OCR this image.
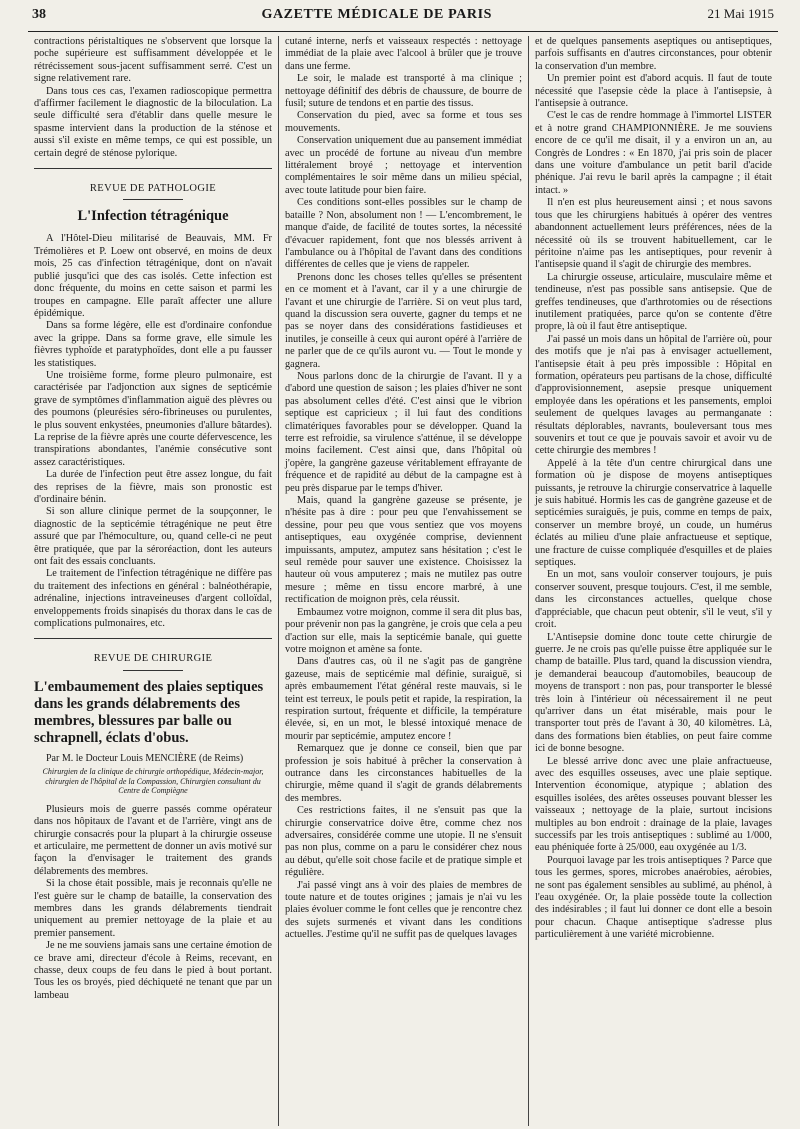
38	GAZETTE MÉDICALE DE PARIS	21 Mai 1915

contractions péristaltiques ne s'observent que lorsque la poche supérieure est suffisamment développée et le rétrécissement sous-jacent suffisamment serré. C'est un signe relativement rare.

Dans tous ces cas, l'examen radioscopique permettra d'affirmer facilement le diagnostic de la biloculation. La seule difficulté sera d'établir dans quelle mesure le spasme intervient dans la production de la sténose et aussi s'il existe en même temps, ce qui est possible, un certain degré de sténose pylorique.

REVUE DE PATHOLOGIE
L'Infection tétragénique

A l'Hôtel-Dieu militarisé de Beauvais, MM. Fr Trémolières et P. Loew ont observé, en moins de deux mois, 25 cas d'infection tétragénique, dont on n'avait publié jusqu'ici que des cas isolés. Cette infection est donc fréquente, du moins en cette saison et parmi les troupes en campagne. Elle paraît affecter une allure épidémique.

Dans sa forme légère, elle est d'ordinaire confondue avec la grippe. Dans sa forme grave, elle simule les fièvres typhoïde et paratyphoïdes, dont elle a pu fausser les statistiques.

Une troisième forme, forme pleuro pulmonaire, est caractérisée par l'adjonction aux signes de septicémie grave de symptômes d'inflammation aiguë des plèvres ou des poumons (pleurésies séro-fibrineuses ou purulentes, le plus souvent enkystées, pneumonies d'allure bâtardes). La reprise de la fièvre après une courte défervescence, les transpirations abondantes, l'anémie consécutive sont assez caractéristiques.

La durée de l'infection peut être assez longue, du fait des reprises de la fièvre, mais son pronostic est d'ordinaire bénin.

Si son allure clinique permet de la soupçonner, le diagnostic de la septicémie tétragénique ne peut être assuré que par l'hémoculture, ou, quand celle-ci ne peut être pratiquée, que par la séroréaction, dont les auteurs ont fait des essais concluants.

Le traitement de l'infection tétragénique ne diffère pas du traitement des infections en général : balnéothérapie, adrénaline, injections intraveineuses d'argent colloïdal, enveloppements froids sinapisés du thorax dans le cas de complications pulmonaires, etc.

REVUE DE CHIRURGIE
L'embaumement des plaies septiques dans les grands délabrements des membres, blessures par balle ou schrapnell, éclats d'obus.
Par M. le Docteur Louis MENCIÈRE (de Reims)
Chirurgien de la clinique de chirurgie orthopédique, Médecin-major, chirurgien de l'hôpital de la Compassion, Chirurgien consultant du Centre de Compiègne

Plusieurs mois de guerre passés comme opérateur dans nos hôpitaux de l'avant et de l'arrière, vingt ans de chirurgie consacrés pour la plupart à la chirurgie osseuse et articulaire, me permettent de donner un avis motivé sur façon la d'envisager le traitement des grands délabrements des membres.

Si la chose était possible, mais je reconnais qu'elle ne l'est guère sur le champ de bataille, la conservation des membres dans les grands délabrements tiendrait uniquement au premier nettoyage de la plaie et au premier pansement.

Je ne me souviens jamais sans une certaine émotion de ce brave ami, directeur d'école à Reims, recevant, en chasse, deux coups de feu dans le pied à bout portant. Tous les os broyés, pied déchiqueté ne tenant que par un lambeau

cutané interne, nerfs et vaisseaux respectés : nettoyage immédiat de la plaie avec l'alcool à brûler que je trouve dans une ferme.

Le soir, le malade est transporté à ma clinique ; nettoyage définitif des débris de chaussure, de bourre de fusil; suture de tendons et en partie des tissus.

Conservation du pied, avec sa forme et tous ses mouvements.

Conservation uniquement due au pansement immédiat avec un procédé de fortune au niveau d'un membre littéralement broyé ; nettoyage et intervention complémentaires le soir même dans un milieu spécial, avec toute latitude pour bien faire.

Ces conditions sont-elles possibles sur le champ de bataille ? Non, absolument non ! — L'encombrement, le manque d'aide, de facilité de toutes sortes, la nécessité d'évacuer rapidement, font que nos blessés arrivent à l'ambulance ou à l'hôpital de l'avant dans des conditions différentes de celles que je viens de rappeler.

Prenons donc les choses telles qu'elles se présentent en ce moment et à l'avant, car il y a une chirurgie de l'avant et une chirurgie de l'arrière. Si on veut plus tard, quand la discussion sera ouverte, gagner du temps et ne pas se noyer dans des considérations fastidieuses et inutiles, je conseille à ceux qui auront opéré à l'arrière de ne parler que de ce qu'ils auront vu. — Tout le monde y gagnera.

Nous parlons donc de la chirurgie de l'avant. Il y a d'abord une question de saison ; les plaies d'hiver ne sont pas absolument celles d'été. C'est ainsi que le vibrion septique est capricieux ; il lui faut des conditions climatériques favorables pour se développer. Quand la terre est refroidie, sa virulence s'atténue, il se développe moins facilement. C'est ainsi que, dans l'hôpital où j'opère, la gangrène gazeuse véritablement effrayante de fréquence et de rapidité au début de la campagne est à peu près disparue par le temps d'hiver.

Mais, quand la gangrène gazeuse se présente, je n'hésite pas à dire : pour peu que l'envahissement se dessine, pour peu que vous sentiez que vos moyens antiseptiques, eau oxygénée comprise, deviennent impuissants, amputez, amputez sans hésitation ; c'est le seul remède pour sauver une existence. Choisissez la hauteur où vous amputerez ; mais ne mutilez pas outre mesure ; même en tissu encore marbré, à une rectification de moignon près, cela réussit.

Embaumez votre moignon, comme il sera dit plus bas, pour prévenir non pas la gangrène, je crois que cela a peu d'action sur elle, mais la septicémie banale, qui guette votre moignon et amène sa fonte.

Dans d'autres cas, où il ne s'agit pas de gangrène gazeuse, mais de septicémie mal définie, suraiguë, si après embaumement l'état général reste mauvais, si le teint est terreux, le pouls petit et rapide, la respiration, la respiration surtout, fréquente et difficile, la température élevée, si, en un mot, le blessé intoxiqué menace de mourir par septicémie, amputez encore !

Remarquez que je donne ce conseil, bien que par profession je sois habitué à prêcher la conservation à outrance dans les circonstances habituelles de la chirurgie, même quand il s'agit de grands délabrements des membres.

Ces restrictions faites, il ne s'ensuit pas que la chirurgie conservatrice doive être, comme chez nos adversaires, considérée comme une utopie. Il ne s'ensuit pas non plus, comme on a paru le considérer chez nous au début, qu'elle soit chose facile et de pratique simple et régulière.

J'ai passé vingt ans à voir des plaies de membres de toute nature et de toutes origines ; jamais je n'ai vu les plaies évoluer comme le font celles que je rencontre chez des sujets surmenés et vivant dans les conditions actuelles. J'estime qu'il ne suffit pas de quelques lavages

et de quelques pansements aseptiques ou antiseptiques, parfois suffisants en d'autres circonstances, pour obtenir la conservation d'un membre.

Un premier point est d'abord acquis. Il faut de toute nécessité que l'asepsie cède la place à l'antisepsie, à l'antisepsie à outrance.

C'est le cas de rendre hommage à l'immortel LISTER et à notre grand CHAMPIONNIÈRE. Je me souviens encore de ce qu'il me disait, il y a environ un an, au Congrès de Londres : « En 1870, j'ai pris soin de placer dans une voiture d'ambulance un petit baril d'acide phénique. J'ai revu le baril après la campagne ; il était intact. »

Il n'en est plus heureusement ainsi ; et nous savons tous que les chirurgiens habitués à opérer des ventres abandonnent actuellement leurs préférences, nées de la nécessité où ils se trouvent habituellement, car le péritoine n'aime pas les antiseptiques, pour revenir à l'antisepsie quand il s'agit de chirurgie des membres.

La chirurgie osseuse, articulaire, musculaire même et tendineuse, n'est pas possible sans antisepsie. Que de greffes tendineuses, que d'arthrotomies ou de résections inutilement pratiquées, parce qu'on se contente d'être propre, là où il faut être antiseptique.

J'ai passé un mois dans un hôpital de l'arrière où, pour des motifs que je n'ai pas à envisager actuellement, l'antisepsie était à peu près impossible : Hôpital en formation, opérateurs peu partisans de la chose, difficulté d'approvisionnement, asepsie presque uniquement employée dans les opérations et les pansements, emploi seulement de quelques lavages au permanganate : résultats déplorables, navrants, bouleversant tous mes souvenirs et tout ce que je pouvais savoir et avoir vu de cette chirurgie des membres !

Appelé à la tête d'un centre chirurgical dans une formation où je dispose de moyens antiseptiques puissants, je retrouve la chirurgie conservatrice à laquelle je suis habitué. Hormis les cas de gangrène gazeuse et de septicémies suraiguës, je puis, comme en temps de paix, conserver un membre broyé, un coude, un humérus éclatés au milieu d'une plaie anfractueuse et septique, une fracture de cuisse compliquée d'esquilles et de plaies septiques.

En un mot, sans vouloir conserver toujours, je puis conserver souvent, presque toujours. C'est, il me semble, dans les circonstances actuelles, quelque chose d'appréciable, que chacun peut obtenir, s'il le veut, s'il y croit.

L'Antisepsie domine donc toute cette chirurgie de guerre. Je ne crois pas qu'elle puisse être appliquée sur le champ de bataille. Plus tard, quand la discussion viendra, je demanderai beaucoup d'automobiles, beaucoup de moyens de transport : non pas, pour transporter le blessé très loin à l'intérieur où nécessairement il ne peut qu'arriver dans un état misérable, mais pour le transporter tout près de l'avant à 30, 40 kilomètres. Là, dans des formations bien établies, on peut faire comme ici de bonne besogne.

Le blessé arrive donc avec une plaie anfractueuse, avec des esquilles osseuses, avec une plaie septique. Intervention économique, atypique ; ablation des esquilles isolées, des arêtes osseuses pouvant blesser les vaisseaux ; nettoyage de la plaie, surtout incisions multiples au bon endroit : drainage de la plaie, lavages successifs par les trois antiseptiques : sublimé au 1/000, eau phéniquée forte à 25/000, eau oxygénée au 1/3.

Pourquoi lavage par les trois antiseptiques ? Parce que tous les germes, spores, microbes anaérobies, aérobies, ne sont pas également sensibles au sublimé, au phénol, à l'eau oxygénée. Or, la plaie possède toute la collection des indésirables ; il faut lui donner ce dont elle a besoin pour chacun. Chaque antiseptique s'adresse plus particulièrement à une variété microbienne.
